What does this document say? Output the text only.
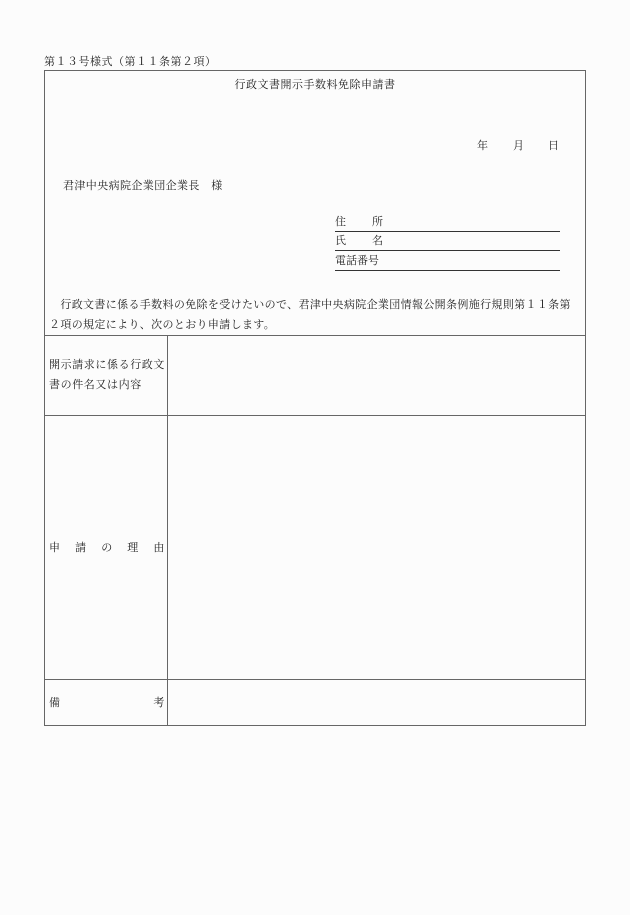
第１３号様式（第１１条第２項）
行政文書開示手数料免除申請書
年 月 日
君津中央病院企業団企業長　様
住 所
氏 名
電話番号
　行政文書に係る手数料の免除を受けたいので、君津中央病院企業団情報公開条例施行規則第１１条第２項の規定により、次のとおり申請します。
開示請求に係る行政文書の件名又は内容
申 請 の 理 由
備	考
